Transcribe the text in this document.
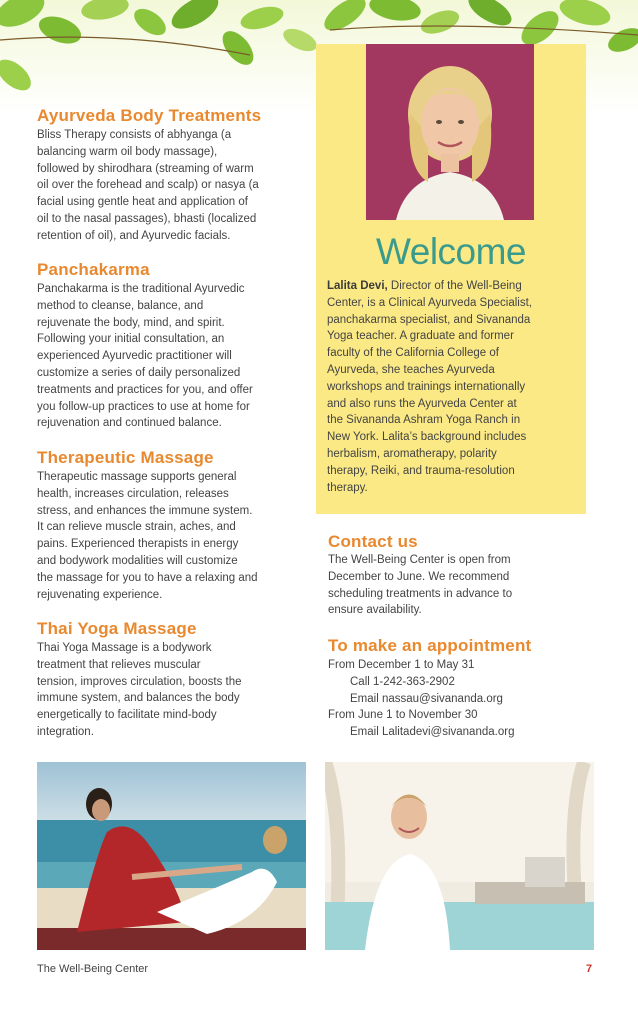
Ayurveda Body Treatments
Bliss Therapy consists of abhyanga (a
balancing warm oil body massage),
followed by shirodhara (streaming of warm
oil over the forehead and scalp) or nasya (a
facial using gentle heat and application of
oil to the nasal passages), bhasti (localized
retention of oil), and Ayurvedic facials.
Panchakarma
Panchakarma is the traditional Ayurvedic
method to cleanse, balance, and
rejuvenate the body, mind, and spirit.
Following your initial consultation, an
experienced Ayurvedic practitioner will
customize a series of daily personalized
treatments and practices for you, and offer
you follow-up practices to use at home for
rejuvenation and continued balance.
Therapeutic Massage
Therapeutic massage supports general
health, increases circulation, releases
stress, and enhances the immune system.
It can relieve muscle strain, aches, and
pains. Experienced therapists in energy
and bodywork modalities will customize
the massage for you to have a relaxing and
rejuvenating experience.
Thai Yoga Massage
Thai Yoga Massage is a bodywork
treatment that relieves muscular
tension, improves circulation, boosts the
immune system, and balances the body
energetically to facilitate mind-body
integration.
Welcome
Lalita Devi, Director of the Well-Being
Center, is a Clinical Ayurveda Specialist,
panchakarma specialist, and Sivananda
Yoga teacher. A graduate and former
faculty of the California College of
Ayurveda, she teaches Ayurveda
workshops and trainings internationally
and also runs the Ayurveda Center at
the Sivananda Ashram Yoga Ranch in
New York. Lalita’s background includes
herbalism, aromatherapy, polarity
therapy, Reiki, and trauma-resolution
therapy.
Contact us
The Well-Being Center is open from
December to June. We recommend
scheduling treatments in advance to
ensure availability.
To make an appointment
From December 1 to May 31
Call 1-242-363-2902
Email nassau@sivananda.org
From June 1 to November 30
Email Lalitadevi@sivananda.org
The Well-Being Center	7
